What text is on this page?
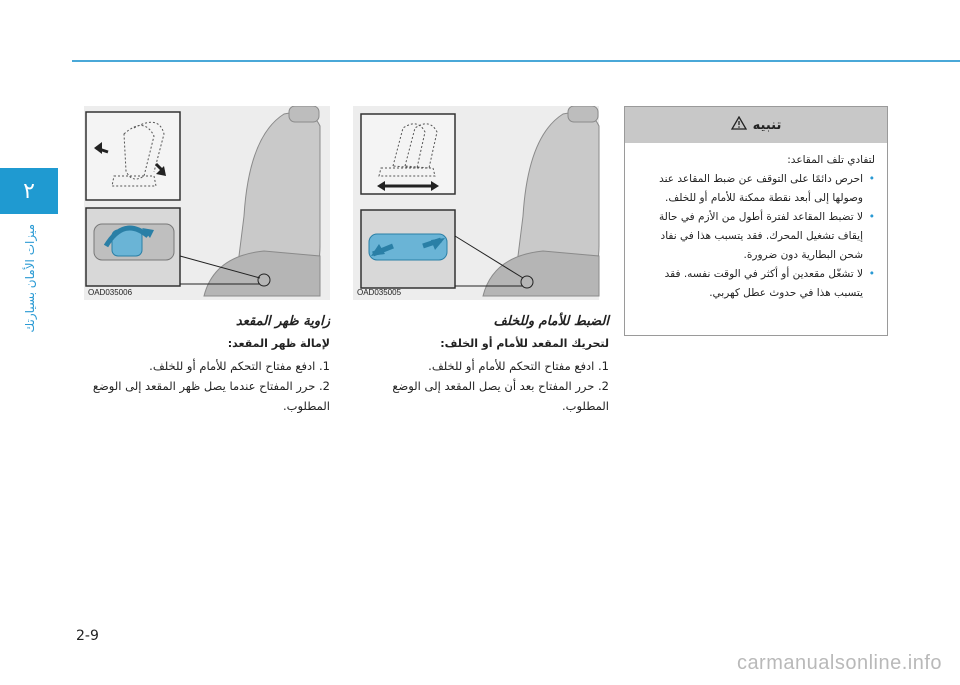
٢
ميزات الأمان بسيارتك	OAD035006	OAD035005
تنبيه
لتفادي تلف المقاعد:
• احرص دائمًا على التوقف عن ضبط المقاعد عند وصولها إلى أبعد نقطة ممكنة للأمام أو للخلف.
• لا تضبط المقاعد لفترة أطول من الأزم في حالة إيقاف تشغيل المحرك. فقد يتسبب هذا في نفاد شحن البطارية دون ضرورة.
• لا تشغّل مقعدين أو أكثر في الوقت نفسه. فقد يتسبب هذا في حدوث عطل كهربي.
زاوية ظهر المقعد
لإمالة ظهر المقعد:
1. ادفع مفتاح التحكم للأمام أو للخلف.
2. حرر المفتاح عندما يصل ظهر المقعد إلى الوضع المطلوب.
الضبط للأمام وللخلف
لتحريك المقعد للأمام أو الخلف:
1. ادفع مفتاح التحكم للأمام أو للخلف.
2. حرر المفتاح بعد أن يصل المقعد إلى الوضع المطلوب.
2-9
carmanualsonline.info
